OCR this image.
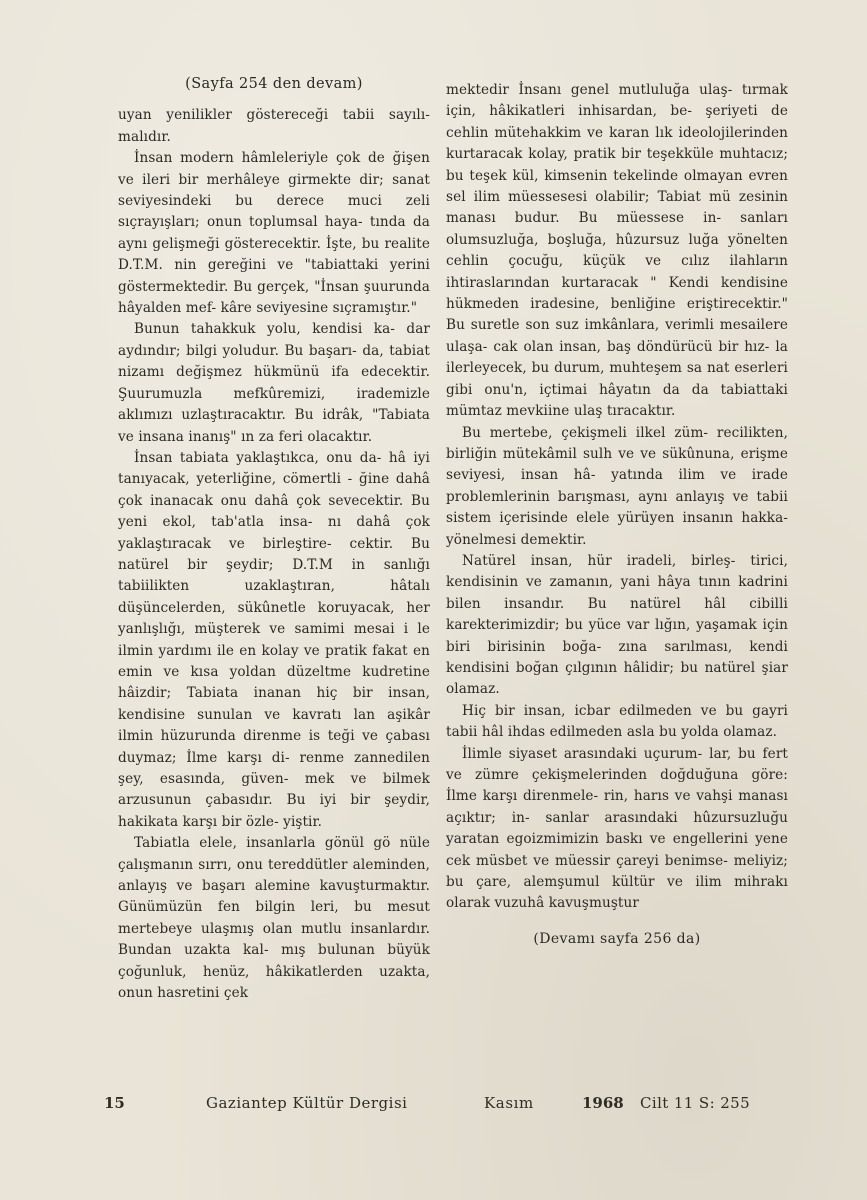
(Sayfa 254 den devam)

uyan yenilikler göstereceği tabii sayılı- malıdır.

İnsan modern hâmleleriyle çok de ğişen ve ileri bir merhâleye girmekte dir; sanat seviyesindeki bu derece muci zeli sıçrayışları; onun toplumsal haya- tında da aynı gelişmeği gösterecektir. İşte, bu realite D.T.M. nin gereğini ve "tabiattaki yerini göstermektedir. Bu gerçek, "İnsan şuurunda hâyalden mef- kâre seviyesine sıçramıştır."

Bunun tahakkuk yolu, kendisi ka- dar aydındır; bilgi yoludur. Bu başarı- da, tabiat nizamı değişmez hükmünü ifa edecektir. Şuurumuzla mefkûremizi, irademizle aklımızı uzlaştıracaktır. Bu idrâk, "Tabiata ve insana inanış" ın za feri olacaktır.

İnsan tabiata yaklaştıkca, onu da- hâ iyi tanıyacak, yeterliğine, cömertli - ğine dahâ çok inanacak onu dahâ çok sevecektir. Bu yeni ekol, tab'atla insa- nı dahâ çok yaklaştıracak ve birleştire- cektir. Bu natürel bir şeydir; D.T.M in sanlığı tabiilikten uzaklaştıran, hâtalı düşüncelerden, sükûnetle koruyacak, her yanlışlığı, müşterek ve samimi mesai i le ilmin yardımı ile en kolay ve pratik fakat en emin ve kısa yoldan düzeltme kudretine hâizdir; Tabiata inanan hiç bir insan, kendisine sunulan ve kavratı lan aşikâr ilmin hüzurunda direnme is teği ve çabası duymaz; İlme karşı di- renme zannedilen şey, esasında, güven- mek ve bilmek arzusunun çabasıdır. Bu iyi bir şeydir, hakikata karşı bir özle- yiştir.

Tabiatla elele, insanlarla gönül gö nüle çalışmanın sırrı, onu tereddütler aleminden, anlayış ve başarı alemine kavuşturmaktır. Günümüzün fen bilgin leri, bu mesut mertebeye ulaşmış olan mutlu insanlardır. Bundan uzakta kal- mış bulunan büyük çoğunluk, henüz, hâkikatlerden uzakta, onun hasretini çek

mektedir İnsanı genel mutluluğa ulaş- tırmak için, hâkikatleri inhisardan, be- şeriyeti de cehlin mütehakkim ve karan lık ideolojilerinden kurtaracak kolay, pratik bir teşekküle muhtacız; bu teşek kül, kimsenin tekelinde olmayan evren sel ilim müessesesi olabilir; Tabiat mü zesinin manası budur. Bu müessese in- sanları olumsuzluğa, boşluğa, hûzursuz luğa yönelten cehlin çocuğu, küçük ve cılız ilahların ihtiraslarından kurtaracak " Kendi kendisine hükmeden iradesine, benliğine eriştirecektir." Bu suretle son suz imkânlara, verimli mesailere ulaşa- cak olan insan, baş döndürücü bir hız- la ilerleyecek, bu durum, muhteşem sa nat eserleri gibi onu'n, içtimai hâyatın da da tabiattaki mümtaz mevkiine ulaş tıracaktır.

Bu mertebe, çekişmeli ilkel züm- recilikten, birliğin mütekâmil sulh ve ve sükûnuna, erişme seviyesi, insan hâ- yatında ilim ve irade problemlerinin barışması, aynı anlayış ve tabii sistem içerisinde elele yürüyen insanın hakka- yönelmesi demektir.

Natürel insan, hür iradeli, birleş- tirici, kendisinin ve zamanın, yani hâya tının kadrini bilen insandır. Bu natürel hâl cibilli karekterimizdir; bu yüce var lığın, yaşamak için biri birisinin boğa- zına sarılması, kendi kendisini boğan çılgının hâlidir; bu natürel şiar olamaz.

Hiç bir insan, icbar edilmeden ve bu gayri tabii hâl ihdas edilmeden asla bu yolda olamaz.

İlimle siyaset arasındaki uçurum- lar, bu fert ve zümre çekişmelerinden doğduğuna göre: İlme karşı direnmele- rin, harıs ve vahşi manası açıktır; in- sanlar arasındaki hûzursuzluğu yaratan egoizmimizin baskı ve engellerini yene cek müsbet ve müessir çareyi benimse- meliyiz; bu çare, alemşumul kültür ve ilim mihrakı olarak vuzuhâ kavuşmuştur

(Devamı sayfa 256 da)
15	Gaziantep Kültür Dergisi	Kasım	1968 Cilt 11 S: 255
